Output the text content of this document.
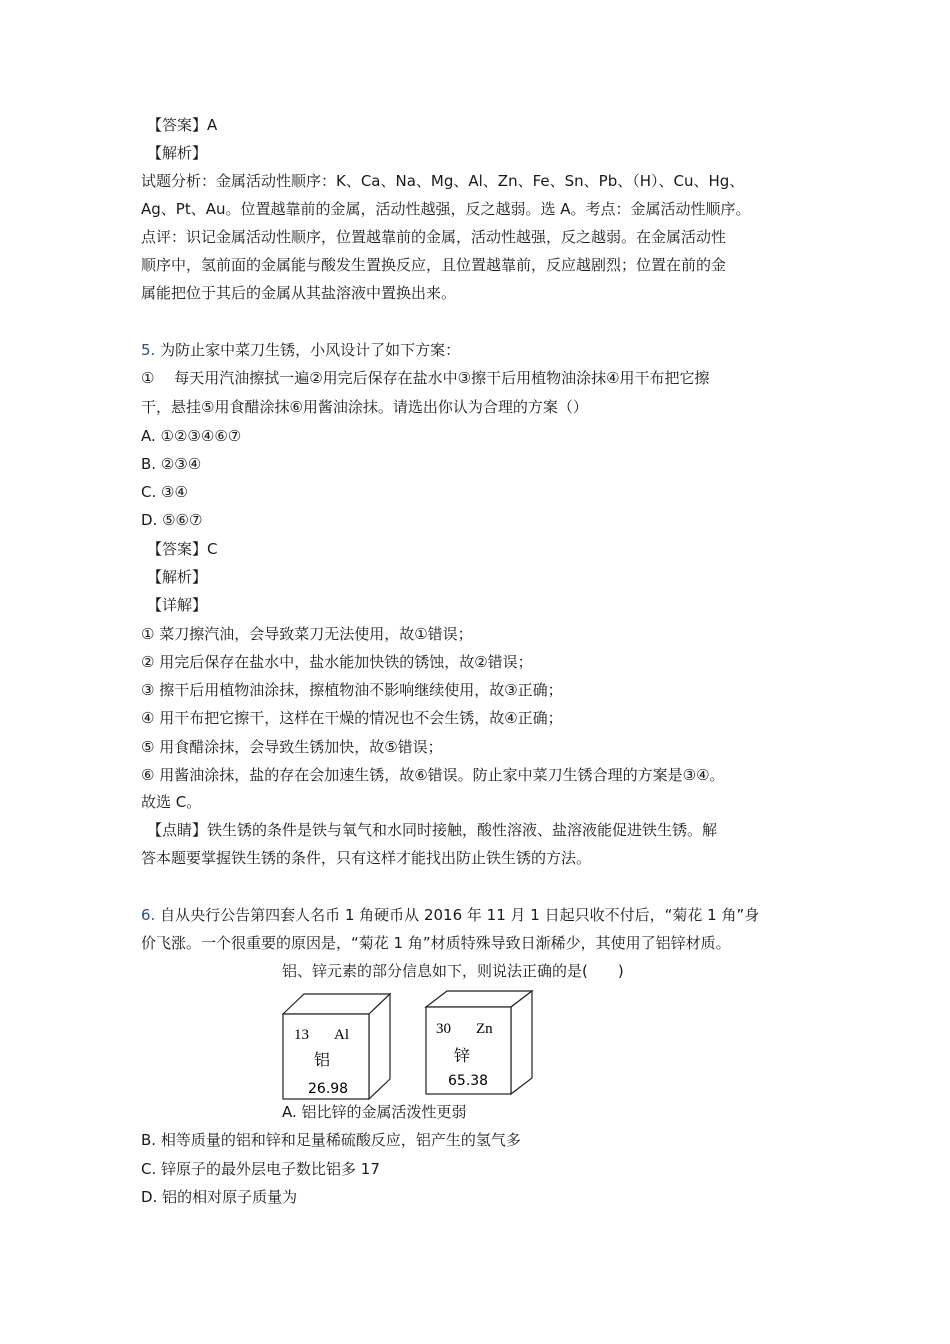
【答案】A
【解析】
试题分析：金属活动性顺序：K、Ca、Na、Mg、Al、Zn、Fe、Sn、Pb、（H）、Cu、Hg、
Ag、Pt、Au。位置越靠前的金属，活动性越强，反之越弱。选 A。考点：金属活动性顺序。
点评：识记金属活动性顺序，位置越靠前的金属，活动性越强，反之越弱。在金属活动性
顺序中，氢前面的金属能与酸发生置换反应，且位置越靠前，反应越剧烈；位置在前的金
属能把位于其后的金属从其盐溶液中置换出来。
5. 为防止家中菜刀生锈，小风设计了如下方案：
①　 每天用汽油擦拭一遍②用完后保存在盐水中③擦干后用植物油涂抹④用干布把它擦
干，悬挂⑤用食醋涂抹⑥用酱油涂抹。请选出你认为合理的方案（）
A. ①②③④⑥⑦
B. ②③④
C. ③④
D. ⑤⑥⑦
【答案】C
【解析】
【详解】
① 菜刀擦汽油，会导致菜刀无法使用，故①错误；
② 用完后保存在盐水中，盐水能加快铁的锈蚀，故②错误；
③ 擦干后用植物油涂抹，擦植物油不影响继续使用，故③正确；
④ 用干布把它擦干，这样在干燥的情况也不会生锈，故④正确；
⑤ 用食醋涂抹，会导致生锈加快，故⑤错误；
⑥ 用酱油涂抹，盐的存在会加速生锈，故⑥错误。防止家中菜刀生锈合理的方案是③④。
故选 C。
【点睛】铁生锈的条件是铁与氧气和水同时接触，酸性溶液、盐溶液能促进铁生锈。解
答本题要掌握铁生锈的条件，只有这样才能找出防止铁生锈的方法。
6. 自从央行公告第四套人名币 1 角硬币从 2016 年 11 月 1 日起只收不付后，“菊花 1 角”身
价飞涨。一个很重要的原因是，“菊花 1 角”材质特殊导致日渐稀少，其使用了铝锌材质。
铝、锌元素的部分信息如下，则说法正确的是(　　)
13 Al
铝
26.98
30 Zn
锌
65.38
A. 铝比锌的金属活泼性更弱
B. 相等质量的铝和锌和足量稀硫酸反应，铝产生的氢气多
C. 锌原子的最外层电子数比铝多 17
D. 铝的相对原子质量为
